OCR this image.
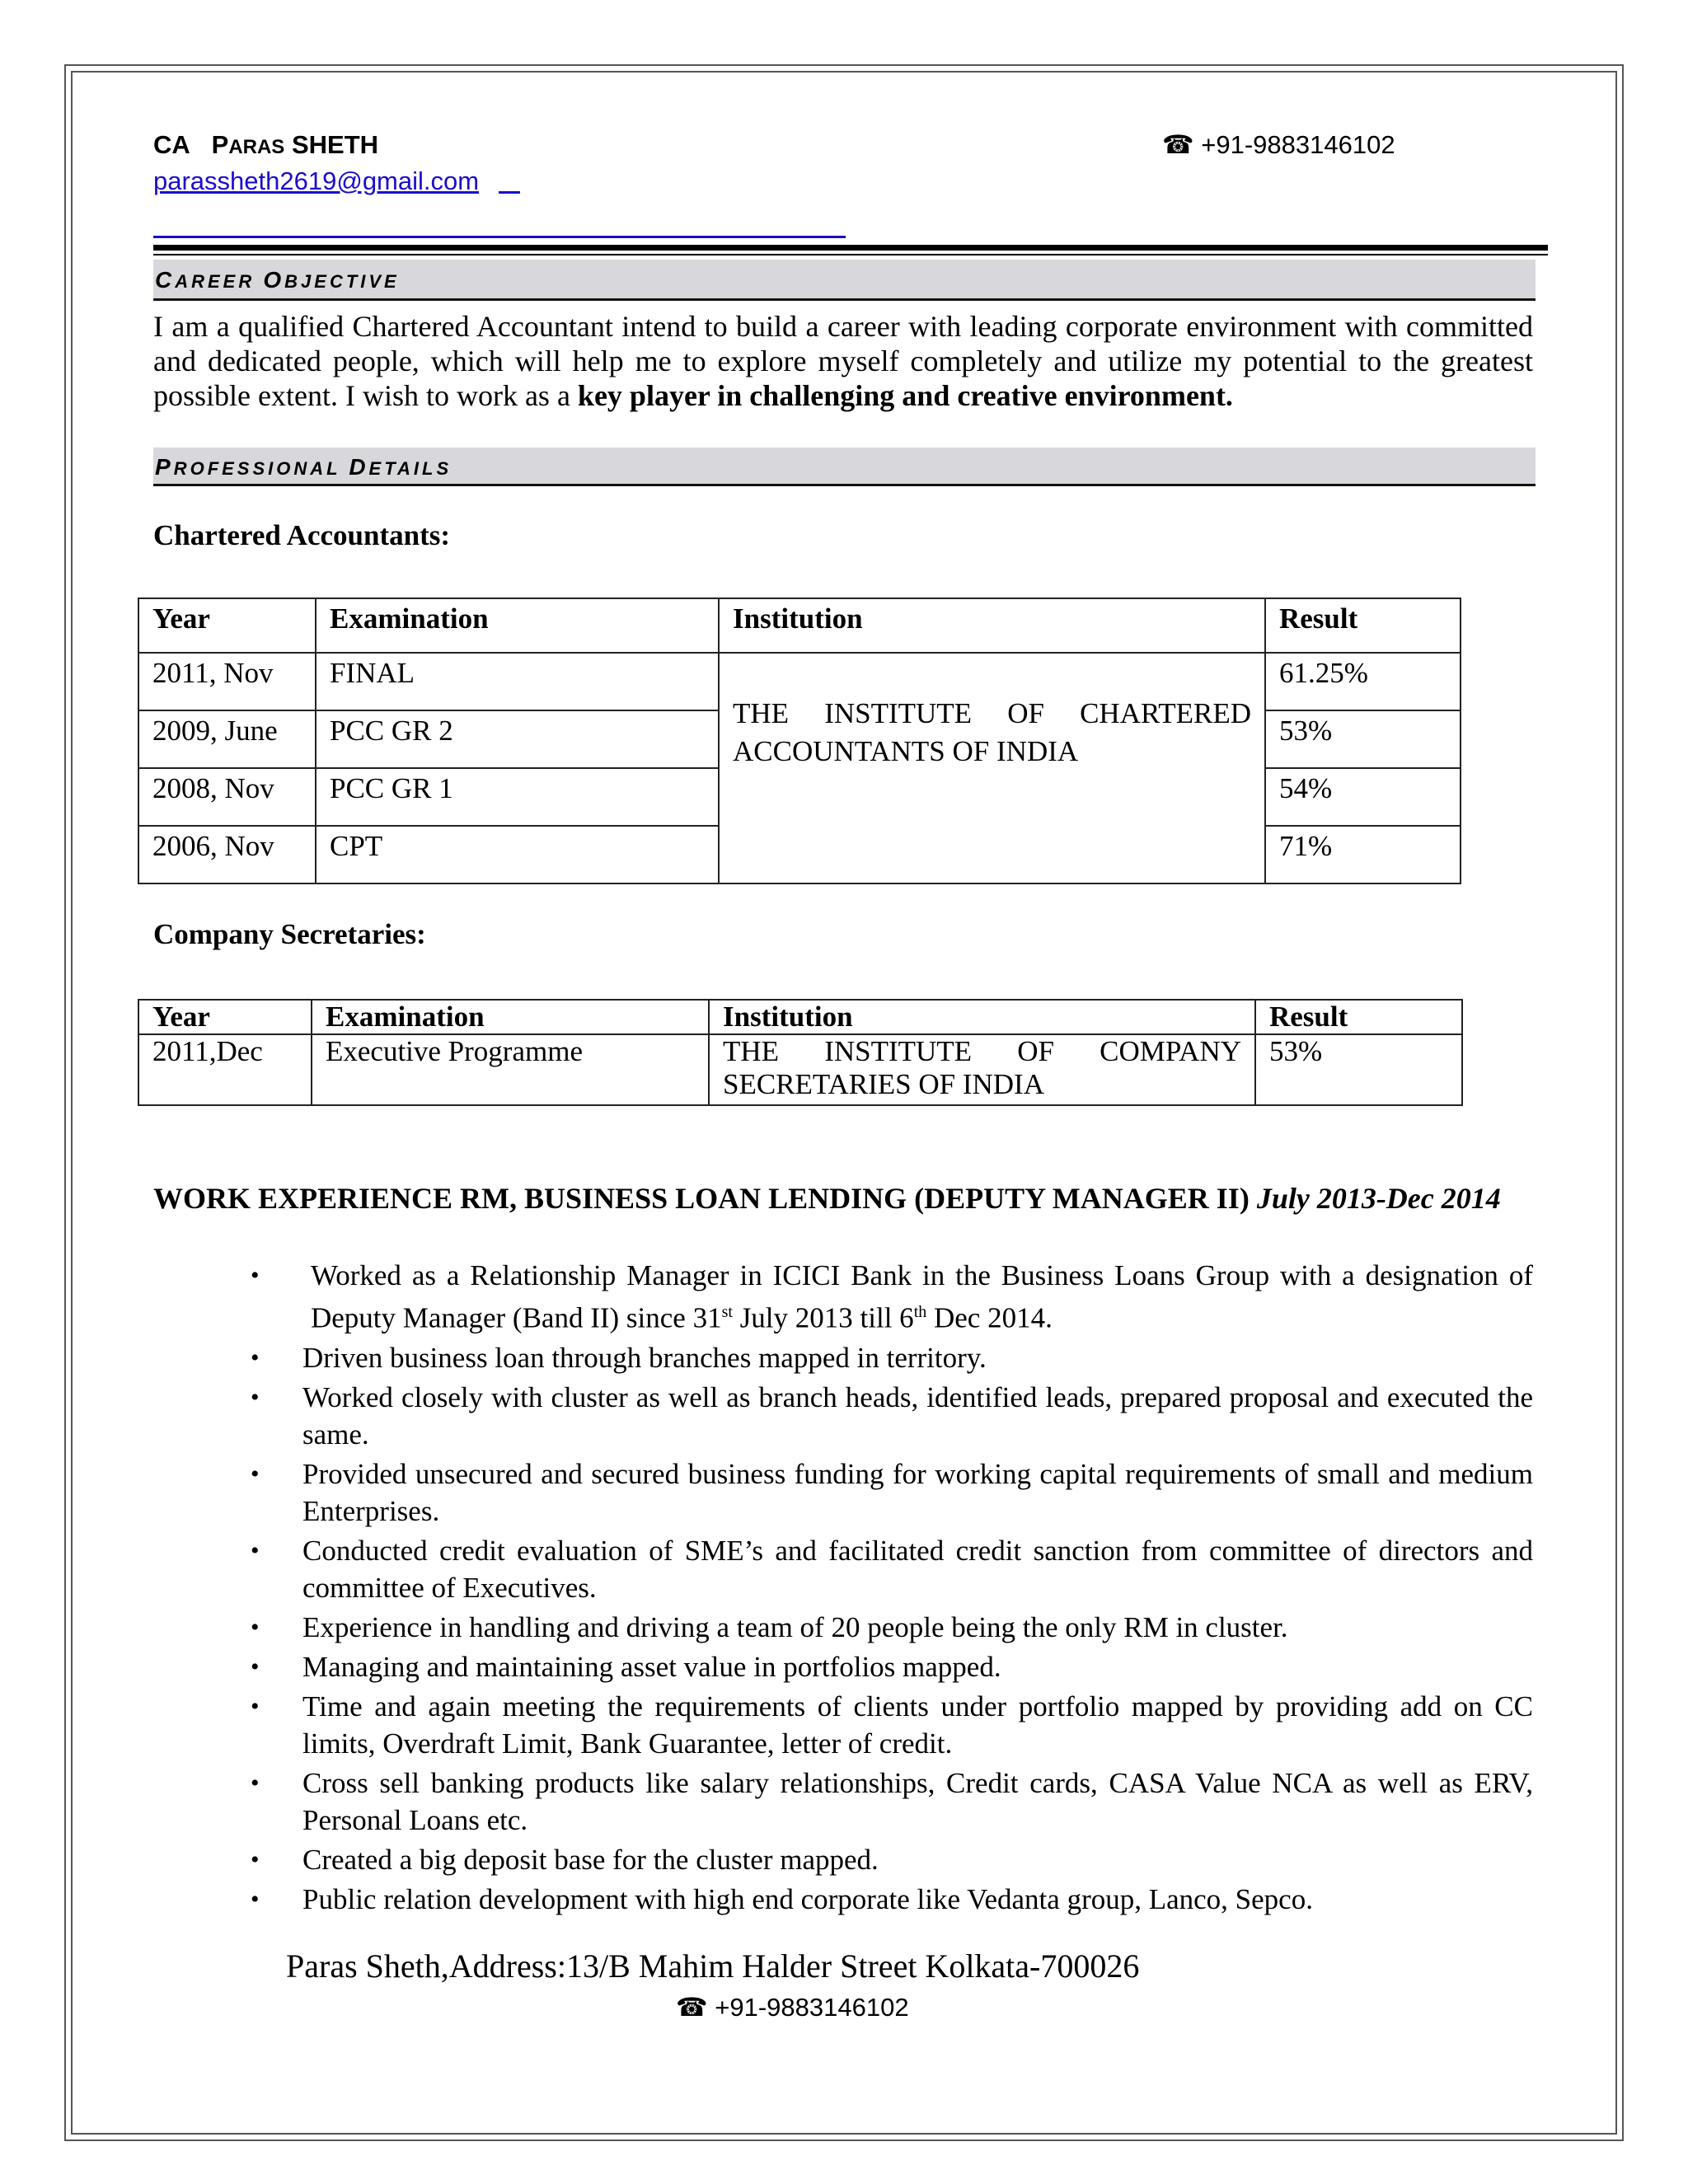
CA PARAS SHETH	☎ +91-9883146102
parassheth2619@gmail.com
CAREER OBJECTIVE
I am a qualified Chartered Accountant intend to build a career with leading corporate environment with committed and dedicated people, which will help me to explore myself completely and utilize my potential to the greatest possible extent. I wish to work as a key player in challenging and creative environment.
PROFESSIONAL DETAILS
Chartered Accountants:
Year	Examination	Institution	Result
2011, Nov	FINAL	THE INSTITUTE OF CHARTERED ACCOUNTANTS OF INDIA	61.25%
2009, June	PCC GR 2		53%
2008, Nov	PCC GR 1		54%
2006, Nov	CPT		71%
Company Secretaries:
Year	Examination	Institution	Result
2011,Dec	Executive Programme	THE INSTITUTE OF COMPANY SECRETARIES OF INDIA	53%
WORK EXPERIENCE RM, BUSINESS LOAN LENDING (DEPUTY MANAGER II) July 2013-Dec 2014
• Worked as a Relationship Manager in ICICI Bank in the Business Loans Group with a designation of Deputy Manager (Band II) since 31st July 2013 till 6th Dec 2014.
• Driven business loan through branches mapped in territory.
• Worked closely with cluster as well as branch heads, identified leads, prepared proposal and executed the same.
• Provided unsecured and secured business funding for working capital requirements of small and medium Enterprises.
• Conducted credit evaluation of SME’s and facilitated credit sanction from committee of directors and committee of Executives.
• Experience in handling and driving a team of 20 people being the only RM in cluster.
• Managing and maintaining asset value in portfolios mapped.
• Time and again meeting the requirements of clients under portfolio mapped by providing add on CC limits, Overdraft Limit, Bank Guarantee, letter of credit.
• Cross sell banking products like salary relationships, Credit cards, CASA Value NCA as well as ERV, Personal Loans etc.
• Created a big deposit base for the cluster mapped.
• Public relation development with high end corporate like Vedanta group, Lanco, Sepco.
Paras Sheth,Address:13/B Mahim Halder Street Kolkata-700026
☎ +91-9883146102
